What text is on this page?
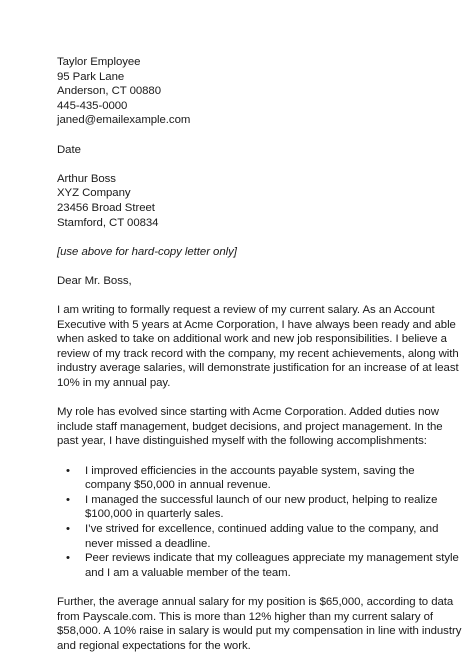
Taylor Employee
95 Park Lane
Anderson, CT 00880
445-435-0000
janed@emailexample.com
Date
Arthur Boss
XYZ Company
23456 Broad Street
Stamford, CT 00834
[use above for hard-copy letter only]
Dear Mr. Boss,
I am writing to formally request a review of my current salary. As an Account
Executive with 5 years at Acme Corporation, I have always been ready and able
when asked to take on additional work and new job responsibilities. I believe a
review of my track record with the company, my recent achievements, along with
industry average salaries, will demonstrate justification for an increase of at least
10% in my annual pay.
My role has evolved since starting with Acme Corporation. Added duties now
include staff management, budget decisions, and project management. In the
past year, I have distinguished myself with the following accomplishments:
• I improved efficiencies in the accounts payable system, saving the
company $50,000 in annual revenue.
• I managed the successful launch of our new product, helping to realize
$100,000 in quarterly sales.
• I’ve strived for excellence, continued adding value to the company, and
never missed a deadline.
• Peer reviews indicate that my colleagues appreciate my management style
and I am a valuable member of the team.
Further, the average annual salary for my position is $65,000, according to data
from Payscale.com. This is more than 12% higher than my current salary of
$58,000. A 10% raise in salary is would put my compensation in line with industry
and regional expectations for the work.
